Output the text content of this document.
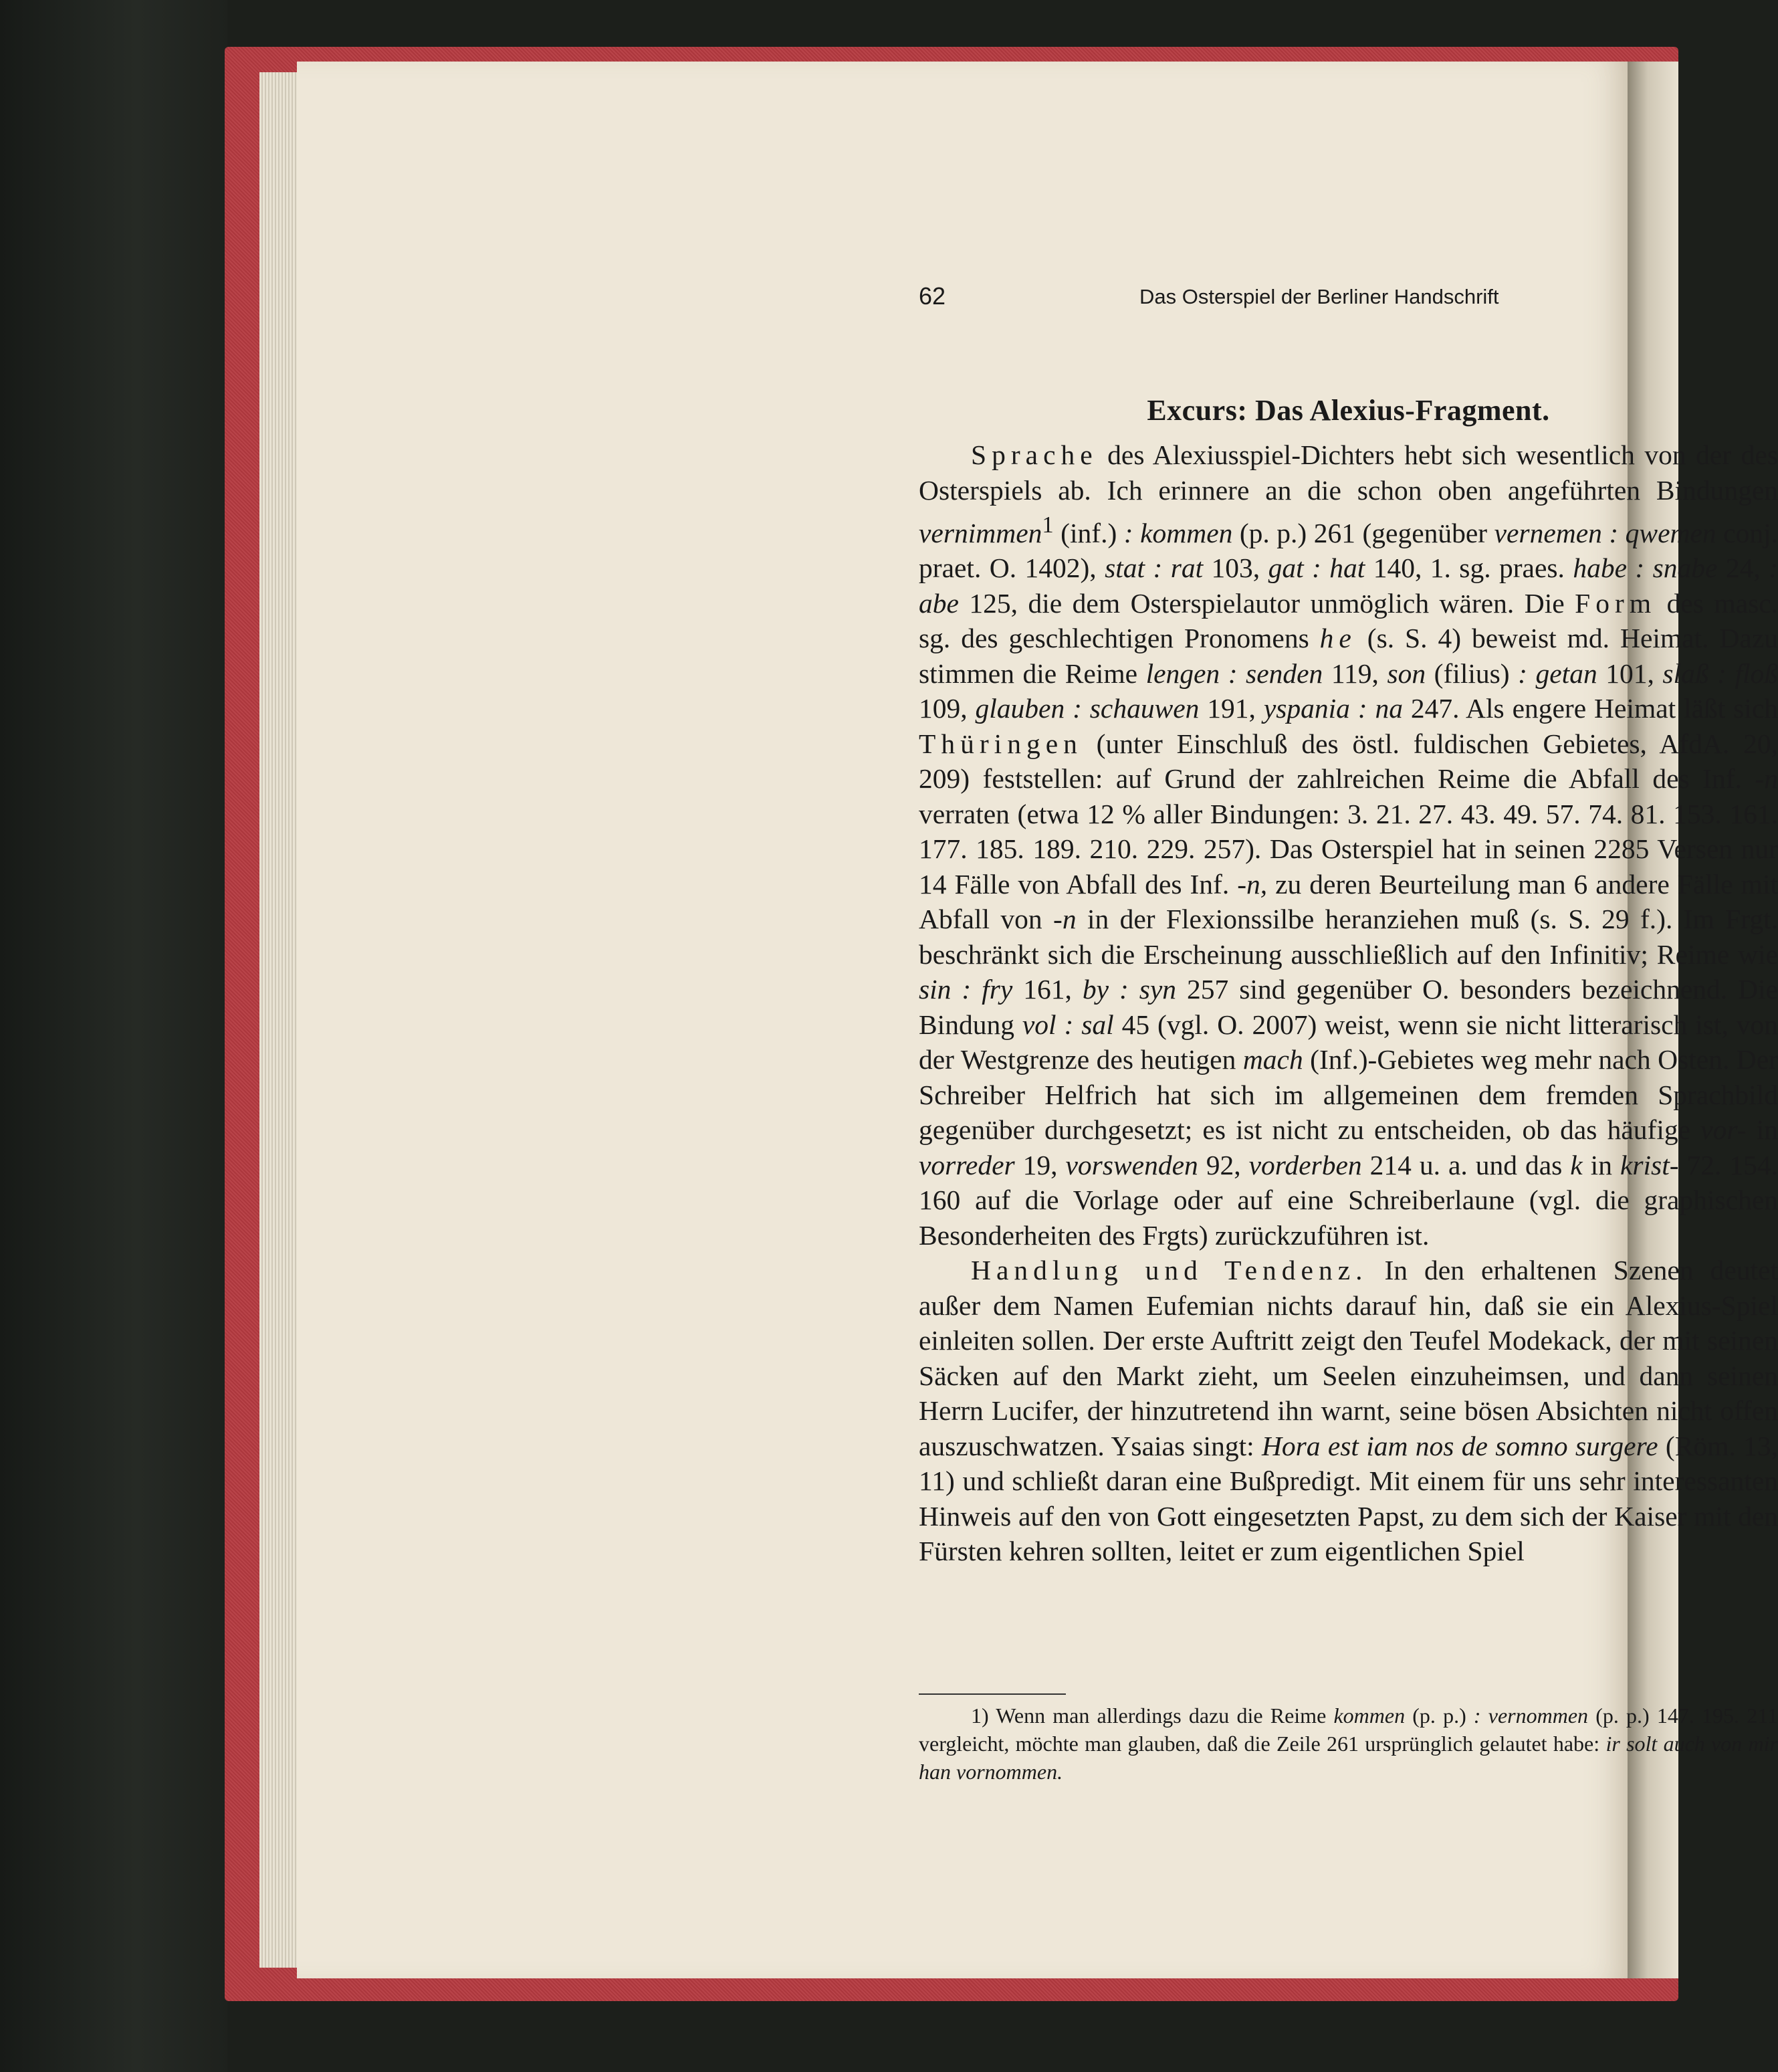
62	Das Osterspiel der Berliner Handschrift
Excurs: Das Alexius-Fragment.

Sprache des Alexiusspiel-Dichters hebt sich wesentlich von der des Osterspiels ab. Ich erinnere an die schon oben angeführten Bindungen vernimmen$^1$ (inf.) : kommen (p. p.) 261 (gegenüber vernemen : qwemen conj. praet. O. 1402), stat : rat 103, gat : hat 140, 1. sg. praes. habe : snabe 24, : abe 125, die dem Osterspielautor unmöglich wären. Die Form des masc. sg. des geschlechtigen Pronomens he (s. S. 4) beweist md. Heimat. Dazu stimmen die Reime lengen : senden 119, son (filius) : getan 101, slaß : floß 109, glauben : schauwen 191, yspania : na 247. Als engere Heimat läßt sich Thüringen (unter Einschluß des östl. fuldischen Gebietes, AfdA. 20, 209) feststellen: auf Grund der zahlreichen Reime die Abfall des Inf. -n verraten (etwa 12 % aller Bindungen: 3. 21. 27. 43. 49. 57. 74. 81. 153. 161. 177. 185. 189. 210. 229. 257). Das Osterspiel hat in seinen 2285 Versen nur 14 Fälle von Abfall des Inf. -n, zu deren Beurteilung man 6 andere Fälle mit Abfall von -n in der Flexionssilbe heranziehen muß (s. S. 29 f.). Im Frgt. beschränkt sich die Erscheinung ausschließlich auf den Infinitiv; Reime wie sin : fry 161, by : syn 257 sind gegenüber O. besonders bezeichnend. Die Bindung vol : sal 45 (vgl. O. 2007) weist, wenn sie nicht litterarisch ist, von der Westgrenze des heutigen mach (Inf.)-Gebietes weg mehr nach Osten. Der Schreiber Helfrich hat sich im allgemeinen dem fremden Sprachbild gegenüber durchgesetzt; es ist nicht zu entscheiden, ob das häufige vor- in vorreder 19, vorswenden 92, vorderben 214 u. a. und das k in krist- 72. 154. 160 auf die Vorlage oder auf eine Schreiberlaune (vgl. die graphischen Besonderheiten des Frgts) zurückzuführen ist.

Handlung und Tendenz. In den erhaltenen Szenen deutet außer dem Namen Eufemian nichts darauf hin, daß sie ein Alexius-Spiel einleiten sollen. Der erste Auftritt zeigt den Teufel Modekack, der mit seinen Säcken auf den Markt zieht, um Seelen einzuheimsen, und dann seinen Herrn Lucifer, der hinzutretend ihn warnt, seine bösen Absichten nicht offen auszuschwatzen. Ysaias singt: Hora est iam nos de somno surgere (Röm. 13, 11) und schließt daran eine Bußpredigt. Mit einem für uns sehr interessanten Hinweis auf den von Gott eingesetzten Papst, zu dem sich der Kaiser mit den Fürsten kehren sollten, leitet er zum eigentlichen Spiel

1) Wenn man allerdings dazu die Reime kommen (p. p.) : vernommen (p. p.) 147. 195. 211 vergleicht, möchte man glauben, daß die Zeile 261 ursprünglich gelautet habe: ir solt auch von mir han vornommen.
